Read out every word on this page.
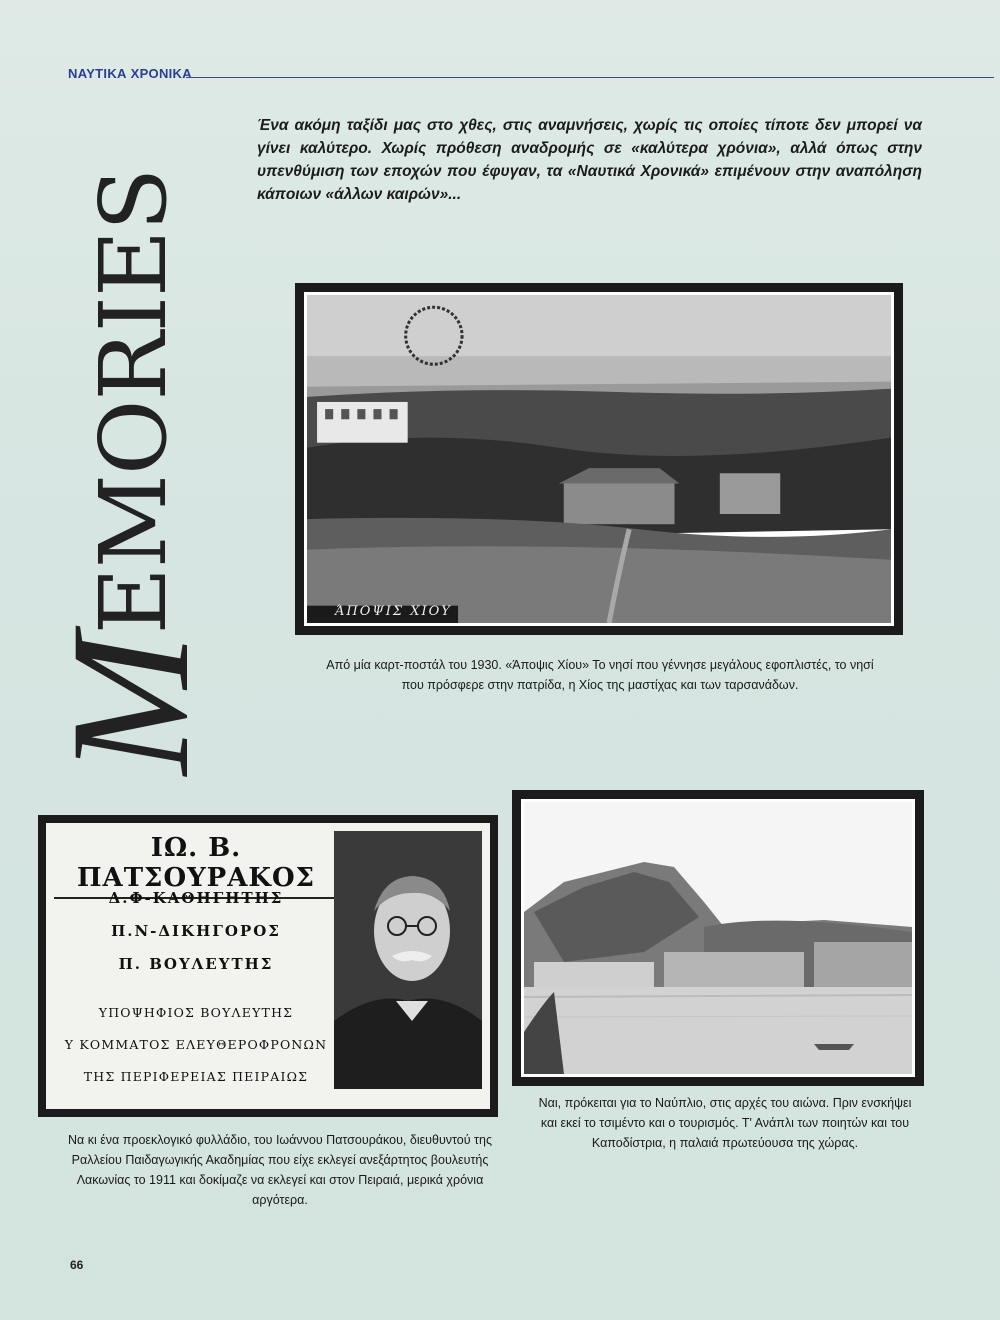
ΝΑΥΤΙΚΑ ΧΡΟΝΙΚΑ
MEMORIES
Ένα ακόμη ταξίδι μας στο χθες, στις αναμνήσεις, χωρίς τις οποίες τίποτε δεν μπορεί να γίνει καλύτερο. Χωρίς πρόθεση αναδρομής σε «καλύτερα χρόνια», αλλά όπως στην υπενθύμιση των εποχών που έφυγαν, τα «Ναυτικά Χρονικά» επιμένουν στην αναπόληση κάποιων «άλλων καιρών»...
ΆΠΟΨΙΣ ΧΙΟΥ
Από μία καρτ-ποστάλ του 1930. «Άποψις Χίου» Το νησί που γέννησε μεγάλους εφοπλιστές, το νησί που πρόσφερε στην πατρίδα, η Χίος της μαστίχας και των ταρσανάδων.
ΙΩ. Β. ΠΑΤΣΟΥΡΑΚΟΣ
Δ.Φ-ΚΑΘΗΓΗΤΗΣ
Π.Ν-ΔΙΚΗΓΟΡΟΣ
Π. ΒΟΥΛΕΥΤΗΣ
ΥΠΟΨΗΦΙΟΣ ΒΟΥΛΕΥΤΗΣ
Υ ΚΟΜΜΑΤΟΣ ΕΛΕΥΘΕΡΟΦΡΟΝΩΝ
ΤΗΣ ΠΕΡΙΦΕΡΕΙΑΣ ΠΕΙΡΑΙΩΣ
Να κι ένα προεκλογικό φυλλάδιο, του Ιωάννου Πατσουράκου, διευθυντού της Ραλλείου Παιδαγωγικής Ακαδημίας που είχε εκλεγεί ανεξάρτητος βουλευτής Λακωνίας το 1911 και δοκίμαζε να εκλεγεί και στον Πειραιά, μερικά χρόνια αργότερα.
Ναι, πρόκειται για το Ναύπλιο, στις αρχές του αιώνα. Πριν ενσκήψει και εκεί το τσιμέντο και ο τουρισμός. Τ' Ανάπλι των ποιητών και του Καποδίστρια, η παλαιά πρωτεύουσα της χώρας.
66
